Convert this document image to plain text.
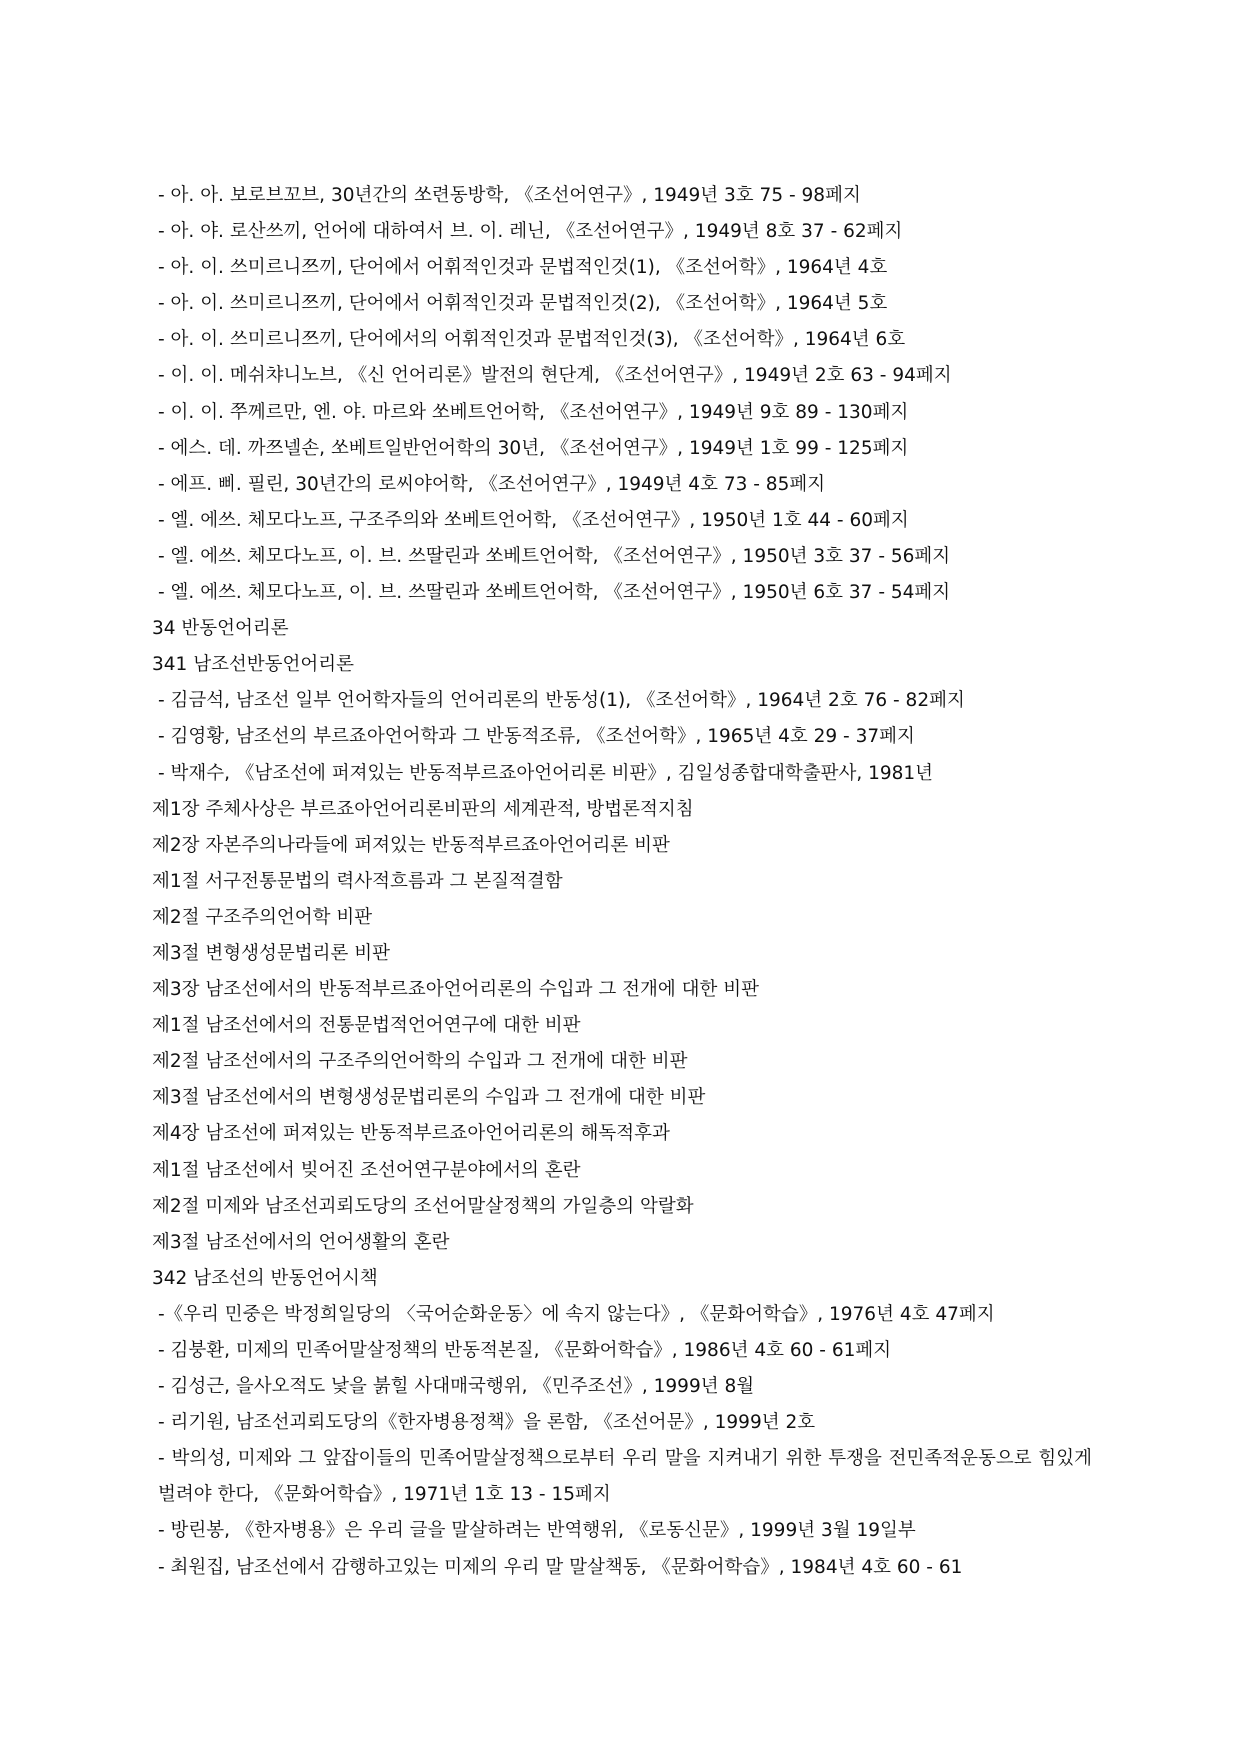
- 아. 아. 보로브꼬브, 30년간의 쏘련동방학, 《조선어연구》, 1949년 3호 75 - 98페지
- 아. 야. 로산쓰끼, 언어에 대하여서 브. 이. 레닌, 《조선어연구》, 1949년 8호 37 - 62페지
- 아. 이. 쓰미르니쯔끼, 단어에서 어휘적인것과 문법적인것(1), 《조선어학》, 1964년 4호
- 아. 이. 쓰미르니쯔끼, 단어에서 어휘적인것과 문법적인것(2), 《조선어학》, 1964년 5호
- 아. 이. 쓰미르니쯔끼, 단어에서의 어휘적인것과 문법적인것(3), 《조선어학》, 1964년 6호
- 이. 이. 메쉬챠니노브, 《신 언어리론》발전의 현단계, 《조선어연구》, 1949년 2호 63 - 94페지
- 이. 이. 쭈께르만, 엔. 야. 마르와 쏘베트언어학, 《조선어연구》, 1949년 9호 89 - 130페지
- 에스. 데. 까쯔넬손, 쏘베트일반언어학의 30년, 《조선어연구》, 1949년 1호 99 - 125페지
- 에프. 삐. 필린, 30년간의 로씨야어학, 《조선어연구》, 1949년 4호 73 - 85페지
- 엘. 에쓰. 체모다노프, 구조주의와 쏘베트언어학, 《조선어연구》, 1950년 1호 44 - 60페지
- 엘. 에쓰. 체모다노프, 이. 브. 쓰딸린과 쏘베트언어학, 《조선어연구》, 1950년 3호 37 - 56페지
- 엘. 에쓰. 체모다노프, 이. 브. 쓰딸린과 쏘베트언어학, 《조선어연구》, 1950년 6호 37 - 54페지
34 반동언어리론
341 남조선반동언어리론
- 김금석, 남조선 일부 언어학자들의 언어리론의 반동성(1), 《조선어학》, 1964년 2호 76 - 82페지
- 김영황, 남조선의 부르죠아언어학과 그 반동적조류, 《조선어학》, 1965년 4호 29 - 37페지
- 박재수, 《남조선에 퍼져있는 반동적부르죠아언어리론 비판》, 김일성종합대학출판사, 1981년
제1장 주체사상은 부르죠아언어리론비판의 세계관적, 방법론적지침
제2장 자본주의나라들에 퍼져있는 반동적부르죠아언어리론 비판
제1절 서구전통문법의 력사적흐름과 그 본질적결함
제2절 구조주의언어학 비판
제3절 변형생성문법리론 비판
제3장 남조선에서의 반동적부르죠아언어리론의 수입과 그 전개에 대한 비판
제1절 남조선에서의 전통문법적언어연구에 대한 비판
제2절 남조선에서의 구조주의언어학의 수입과 그 전개에 대한 비판
제3절 남조선에서의 변형생성문법리론의 수입과 그 전개에 대한 비판
제4장 남조선에 퍼져있는 반동적부르죠아언어리론의 해독적후과
제1절 남조선에서 빚어진 조선어연구분야에서의 혼란
제2절 미제와 남조선괴뢰도당의 조선어말살정책의 가일층의 악랄화
제3절 남조선에서의 언어생활의 혼란
342 남조선의 반동언어시책
-《우리 민중은 박정희일당의 〈국어순화운동〉에 속지 않는다》, 《문화어학습》, 1976년 4호 47페지
- 김붕환, 미제의 민족어말살정책의 반동적본질, 《문화어학습》, 1986년 4호 60 - 61페지
- 김성근, 을사오적도 낯을 붉힐 사대매국행위, 《민주조선》, 1999년 8월
- 리기원, 남조선괴뢰도당의《한자병용정책》을 론함, 《조선어문》, 1999년 2호
- 박의성, 미제와 그 앞잡이들의 민족어말살정책으로부터 우리 말을 지켜내기 위한 투쟁을 전민족적운동으로 힘있게 벌려야 한다, 《문화어학습》, 1971년 1호 13 - 15페지
- 방린봉, 《한자병용》은 우리 글을 말살하려는 반역행위, 《로동신문》, 1999년 3월 19일부
- 최원집, 남조선에서 감행하고있는 미제의 우리 말 말살책동, 《문화어학습》, 1984년 4호 60 - 61
